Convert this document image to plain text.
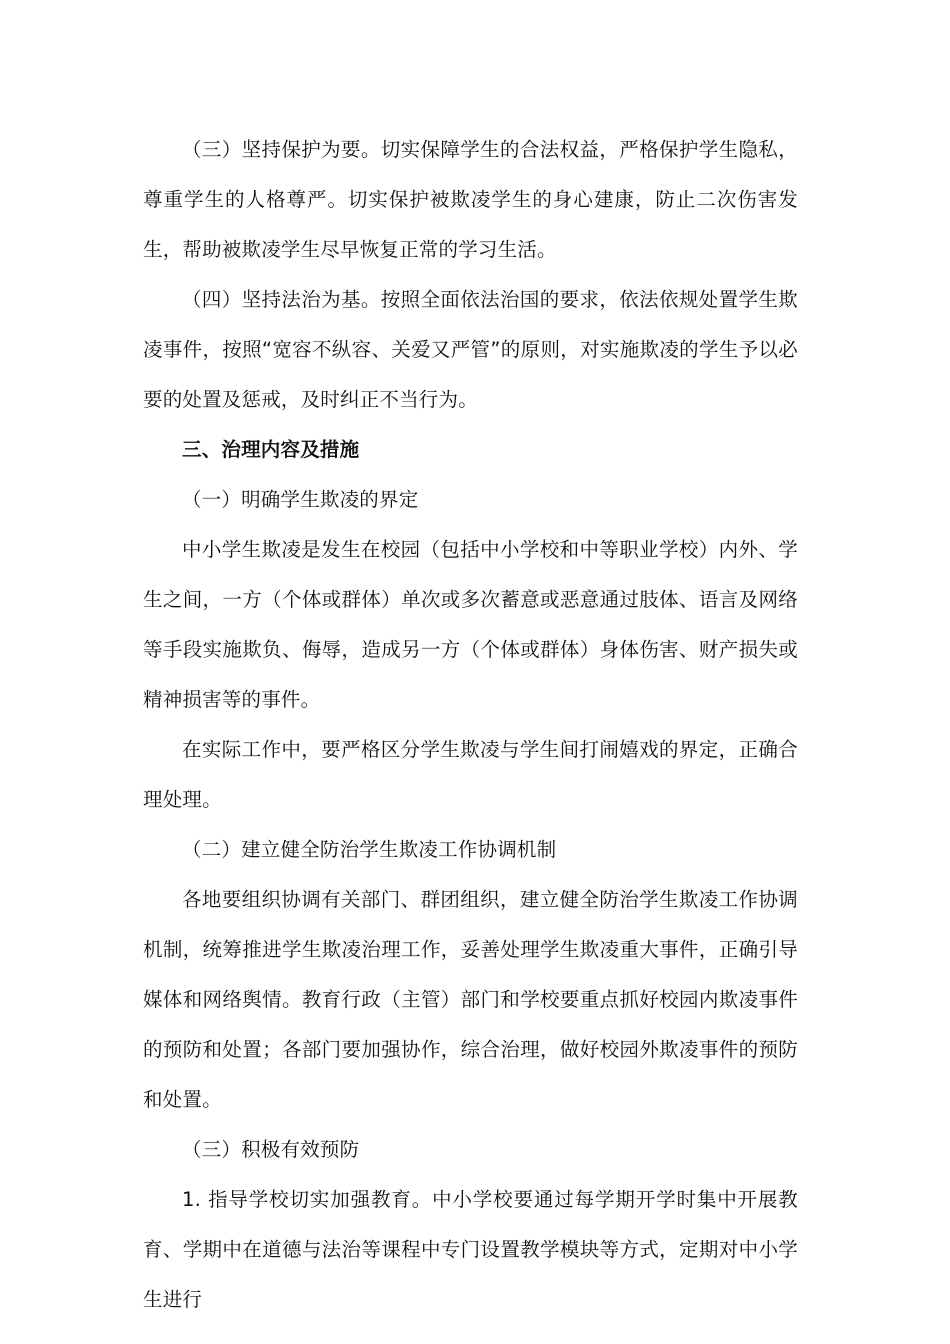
（三）坚持保护为要。切实保障学生的合法权益，严格保护学生隐私，尊重学生的人格尊严。切实保护被欺凌学生的身心建康，防止二次伤害发生，帮助被欺凌学生尽早恢复正常的学习生活。

（四）坚持法治为基。按照全面依法治国的要求，依法依规处置学生欺凌事件，按照“宽容不纵容、关爱又严管”的原则，对实施欺凌的学生予以必要的处置及惩戒，及时纠正不当行为。

三、治理内容及措施

（一）明确学生欺凌的界定

中小学生欺凌是发生在校园（包括中小学校和中等职业学校）内外、学生之间，一方（个体或群体）单次或多次蓄意或恶意通过肢体、语言及网络等手段实施欺负、侮辱，造成另一方（个体或群体）身体伤害、财产损失或精神损害等的事件。

在实际工作中，要严格区分学生欺凌与学生间打闹嬉戏的界定，正确合理处理。

（二）建立健全防治学生欺凌工作协调机制

各地要组织协调有关部门、群团组织，建立健全防治学生欺凌工作协调机制，统筹推进学生欺凌治理工作，妥善处理学生欺凌重大事件，正确引导媒体和网络舆情。教育行政（主管）部门和学校要重点抓好校园内欺凌事件的预防和处置；各部门要加强协作，综合治理，做好校园外欺凌事件的预防和处置。

（三）积极有效预防

1. 指导学校切实加强教育。中小学校要通过每学期开学时集中开展教育、学期中在道德与法治等课程中专门设置教学模块等方式，定期对中小学生进行
